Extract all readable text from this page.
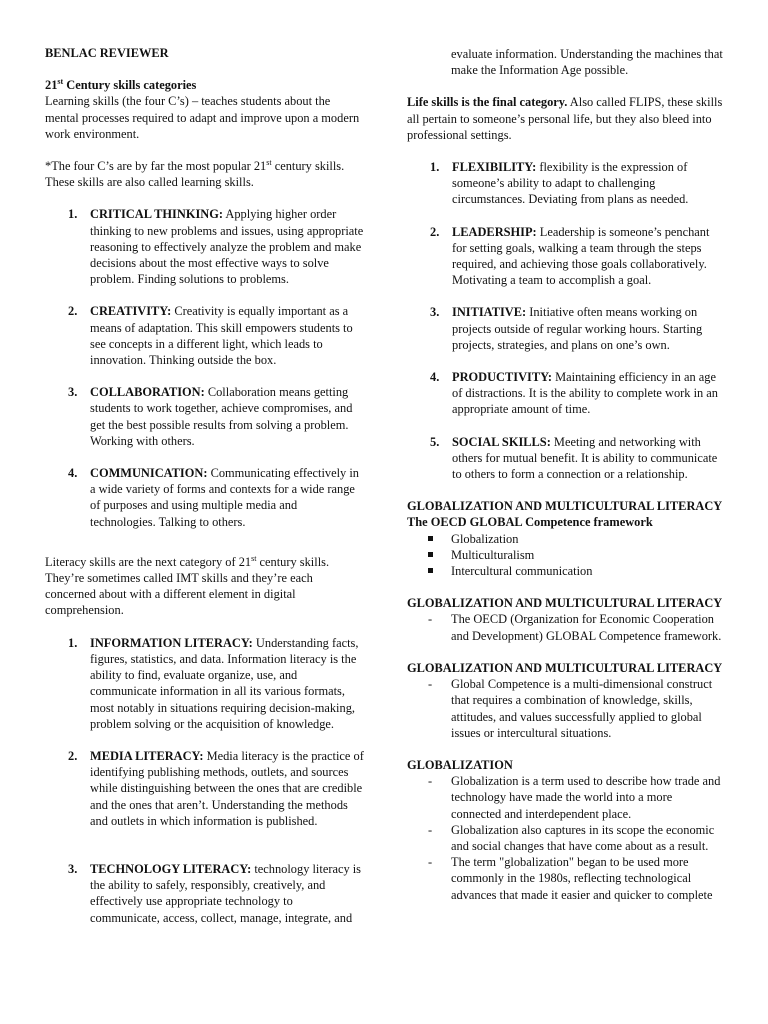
BENLAC REVIEWER

21st Century skills categories

Learning skills (the four C’s) – teaches students about the mental processes required to adapt and improve upon a modern work environment.

*The four C’s are by far the most popular 21st century skills. These skills are also called learning skills.

1. CRITICAL THINKING: Applying higher order thinking to new problems and issues, using appropriate reasoning to effectively analyze the problem and make decisions about the most effective ways to solve problem. Finding solutions to problems.
2. CREATIVITY: Creativity is equally important as a means of adaptation. This skill empowers students to see concepts in a different light, which leads to innovation. Thinking outside the box.
3. COLLABORATION: Collaboration means getting students to work together, achieve compromises, and get the best possible results from solving a problem. Working with others.
4. COMMUNICATION: Communicating effectively in a wide variety of forms and contexts for a wide range of purposes and using multiple media and technologies. Talking to others.

Literacy skills are the next category of 21st century skills. They’re sometimes called IMT skills and they’re each concerned about with a different element in digital comprehension.

1. INFORMATION LITERACY: Understanding facts, figures, statistics, and data. Information literacy is the ability to find, evaluate organize, use, and communicate information in all its various formats, most notably in situations requiring decision-making, problem solving or the acquisition of knowledge.
2. MEDIA LITERACY: Media literacy is the practice of identifying publishing methods, outlets, and sources while distinguishing between the ones that are credible and the ones that aren’t. Understanding the methods and outlets in which information is published.
3. TECHNOLOGY LITERACY: technology literacy is the ability to safely, responsibly, creatively, and effectively use appropriate technology to communicate, access, collect, manage, integrate, and

evaluate information. Understanding the machines that make the Information Age possible.

Life skills is the final category. Also called FLIPS, these skills all pertain to someone’s personal life, but they also bleed into professional settings.

1. FLEXIBILITY: flexibility is the expression of someone’s ability to adapt to challenging circumstances. Deviating from plans as needed.
2. LEADERSHIP: Leadership is someone’s penchant for setting goals, walking a team through the steps required, and achieving those goals collaboratively. Motivating a team to accomplish a goal.
3. INITIATIVE: Initiative often means working on projects outside of regular working hours. Starting projects, strategies, and plans on one’s own.
4. PRODUCTIVITY: Maintaining efficiency in an age of distractions. It is the ability to complete work in an appropriate amount of time.
5. SOCIAL SKILLS: Meeting and networking with others for mutual benefit. It is ability to communicate to others to form a connection or a relationship.

GLOBALIZATION AND MULTICULTURAL LITERACY

The OECD GLOBAL Competence framework

Globalization
Multiculturalism
Intercultural communication

GLOBALIZATION AND MULTICULTURAL LITERACY

- The OECD (Organization for Economic Cooperation and Development) GLOBAL Competence framework.

GLOBALIZATION AND MULTICULTURAL LITERACY

- Global Competence is a multi-dimensional construct that requires a combination of knowledge, skills, attitudes, and values successfully applied to global issues or intercultural situations.

GLOBALIZATION

- Globalization is a term used to describe how trade and technology have made the world into a more connected and interdependent place.
- Globalization also captures in its scope the economic and social changes that have come about as a result.
- The term "globalization" began to be used more commonly in the 1980s, reflecting technological advances that made it easier and quicker to complete
